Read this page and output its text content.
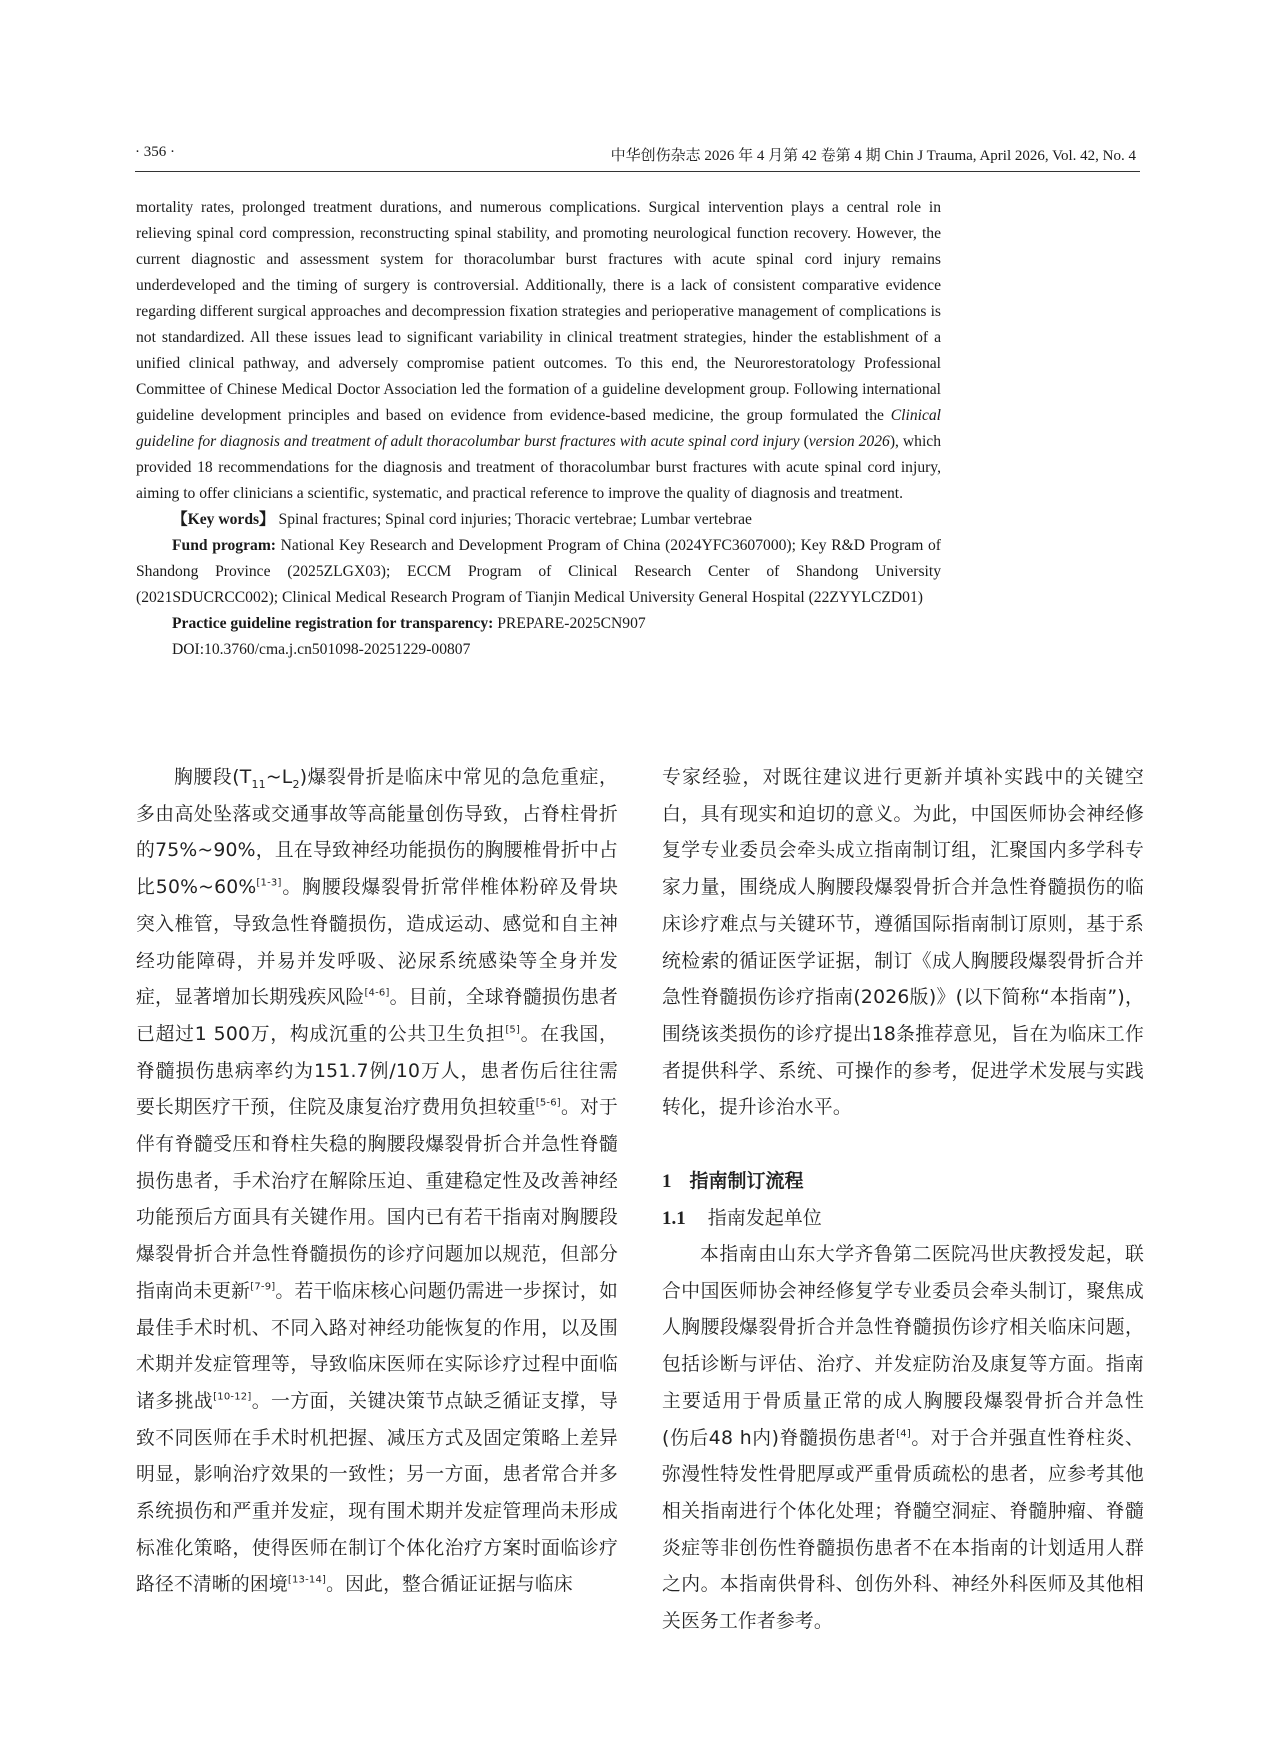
· 356 ·	中华创伤杂志 2026 年 4 月第 42 卷第 4 期 Chin J Trauma, April 2026, Vol. 42, No. 4

mortality rates, prolonged treatment durations, and numerous complications. Surgical intervention plays a central role in relieving spinal cord compression, reconstructing spinal stability, and promoting neurological function recovery. However, the current diagnostic and assessment system for thoracolumbar burst fractures with acute spinal cord injury remains underdeveloped and the timing of surgery is controversial. Additionally, there is a lack of consistent comparative evidence regarding different surgical approaches and decompression fixation strategies and perioperative management of complications is not standardized. All these issues lead to significant variability in clinical treatment strategies, hinder the establishment of a unified clinical pathway, and adversely compromise patient outcomes. To this end, the Neurorestoratology Professional Committee of Chinese Medical Doctor Association led the formation of a guideline development group. Following international guideline development principles and based on evidence from evidence-based medicine, the group formulated the Clinical guideline for diagnosis and treatment of adult thoracolumbar burst fractures with acute spinal cord injury (version 2026), which provided 18 recommendations for the diagnosis and treatment of thoracolumbar burst fractures with acute spinal cord injury, aiming to offer clinicians a scientific, systematic, and practical reference to improve the quality of diagnosis and treatment.

【Key words】 Spinal fractures; Spinal cord injuries; Thoracic vertebrae; Lumbar vertebrae

Fund program: National Key Research and Development Program of China (2024YFC3607000); Key R&D Program of Shandong Province (2025ZLGX03); ECCM Program of Clinical Research Center of Shandong University (2021SDUCRCC002); Clinical Medical Research Program of Tianjin Medical University General Hospital (22ZYYLCZD01)

Practice guideline registration for transparency: PREPARE-2025CN907

DOI:10.3760/cma.j.cn501098-20251229-00807

胸腰段$(T_{11}\sim L_2)$爆裂骨折是临床中常见的急危重症，多由高处坠落或交通事故等高能量创伤导致，占脊柱骨折的75%~90%，且在导致神经功能损伤的胸腰椎骨折中占比50%~60%[1-3]。胸腰段爆裂骨折常伴椎体粉碎及骨块突入椎管，导致急性脊髓损伤，造成运动、感觉和自主神经功能障碍，并易并发呼吸、泌尿系统感染等全身并发症，显著增加长期残疾风险[4-6]。目前，全球脊髓损伤患者已超过1 500万，构成沉重的公共卫生负担[5]。在我国，脊髓损伤患病率约为151.7例/10万人，患者伤后往往需要长期医疗干预，住院及康复治疗费用负担较重[5-6]。对于伴有脊髓受压和脊柱失稳的胸腰段爆裂骨折合并急性脊髓损伤患者，手术治疗在解除压迫、重建稳定性及改善神经功能预后方面具有关键作用。国内已有若干指南对胸腰段爆裂骨折合并急性脊髓损伤的诊疗问题加以规范，但部分指南尚未更新[7-9]。若干临床核心问题仍需进一步探讨，如最佳手术时机、不同入路对神经功能恢复的作用，以及围术期并发症管理等，导致临床医师在实际诊疗过程中面临诸多挑战[10-12]。一方面，关键决策节点缺乏循证支撑，导致不同医师在手术时机把握、减压方式及固定策略上差异明显，影响治疗效果的一致性；另一方面，患者常合并多系统损伤和严重并发症，现有围术期并发症管理尚未形成标准化策略，使得医师在制订个体化治疗方案时面临诊疗路径不清晰的困境[13-14]。因此，整合循证证据与临床

专家经验，对既往建议进行更新并填补实践中的关键空白，具有现实和迫切的意义。为此，中国医师协会神经修复学专业委员会牵头成立指南制订组，汇聚国内多学科专家力量，围绕成人胸腰段爆裂骨折合并急性脊髓损伤的临床诊疗难点与关键环节，遵循国际指南制订原则，基于系统检索的循证医学证据，制订《成人胸腰段爆裂骨折合并急性脊髓损伤诊疗指南(2026版)》(以下简称“本指南”)，围绕该类损伤的诊疗提出18条推荐意见，旨在为临床工作者提供科学、系统、可操作的参考，促进学术发展与实践转化，提升诊治水平。

1 指南制订流程
1.1 指南发起单位

本指南由山东大学齐鲁第二医院冯世庆教授发起，联合中国医师协会神经修复学专业委员会牵头制订，聚焦成人胸腰段爆裂骨折合并急性脊髓损伤诊疗相关临床问题，包括诊断与评估、治疗、并发症防治及康复等方面。指南主要适用于骨质量正常的成人胸腰段爆裂骨折合并急性(伤后48 h内)脊髓损伤患者[4]。对于合并强直性脊柱炎、弥漫性特发性骨肥厚或严重骨质疏松的患者，应参考其他相关指南进行个体化处理；脊髓空洞症、脊髓肿瘤、脊髓炎症等非创伤性脊髓损伤患者不在本指南的计划适用人群之内。本指南供骨科、创伤外科、神经外科医师及其他相关医务工作者参考。
